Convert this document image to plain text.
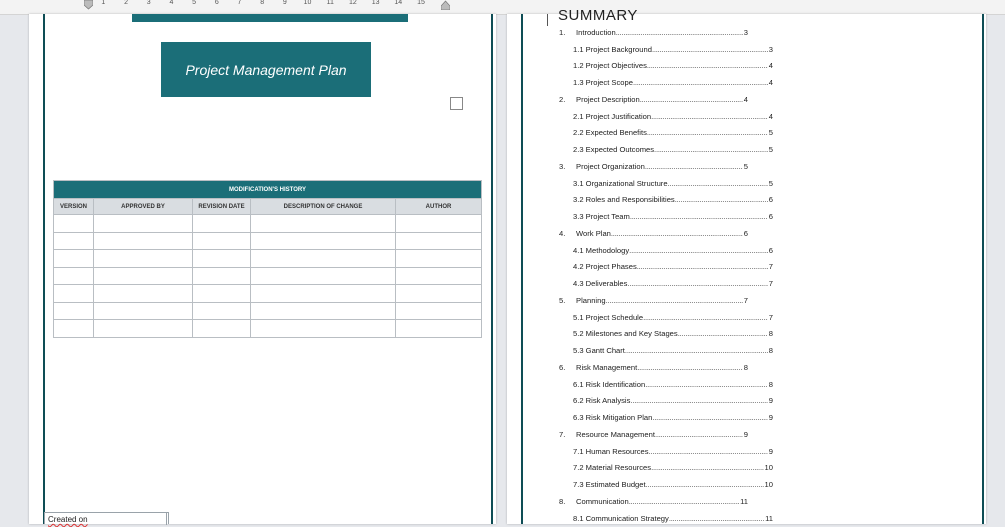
1	2	3	4	5	6	7	8	9 10 11 12 13 14 15
Project Management Plan
MODIFICATION'S HISTORY				
VERSION	APPROVED BY	REVISION DATE	DESCRIPTION OF CHANGE	AUTHOR

Created on
SUMMARY
1.	Introduction .....	3
1.1 Project Background .....	3
1.2 Project Objectives .....	4
1.3 Project Scope .....	4
2.	Project Description .....	4
2.1 Project Justification .....	4
2.2 Expected Benefits .....	5
2.3 Expected Outcomes .....	5
3.	Project Organization .....	5
3.1 Organizational Structure .....	5
3.2 Roles and Responsibilities .....	6
3.3 Project Team .....	6
4.	Work Plan .....	6
4.1 Methodology .....	6
4.2 Project Phases .....	7
4.3 Deliverables .....	7
5.	Planning .....	7
5.1 Project Schedule .....	7
5.2 Milestones and Key Stages .....	8
5.3 Gantt Chart .....	8
6.	Risk Management .....	8
6.1 Risk Identification .....	8
6.2 Risk Analysis .....	9
6.3 Risk Mitigation Plan .....	9
7.	Resource Management .....	9
7.1 Human Resources .....	9
7.2 Material Resources .....	10
7.3 Estimated Budget .....	10
8.	Communication .....	11
8.1 Communication Strategy .....	11
